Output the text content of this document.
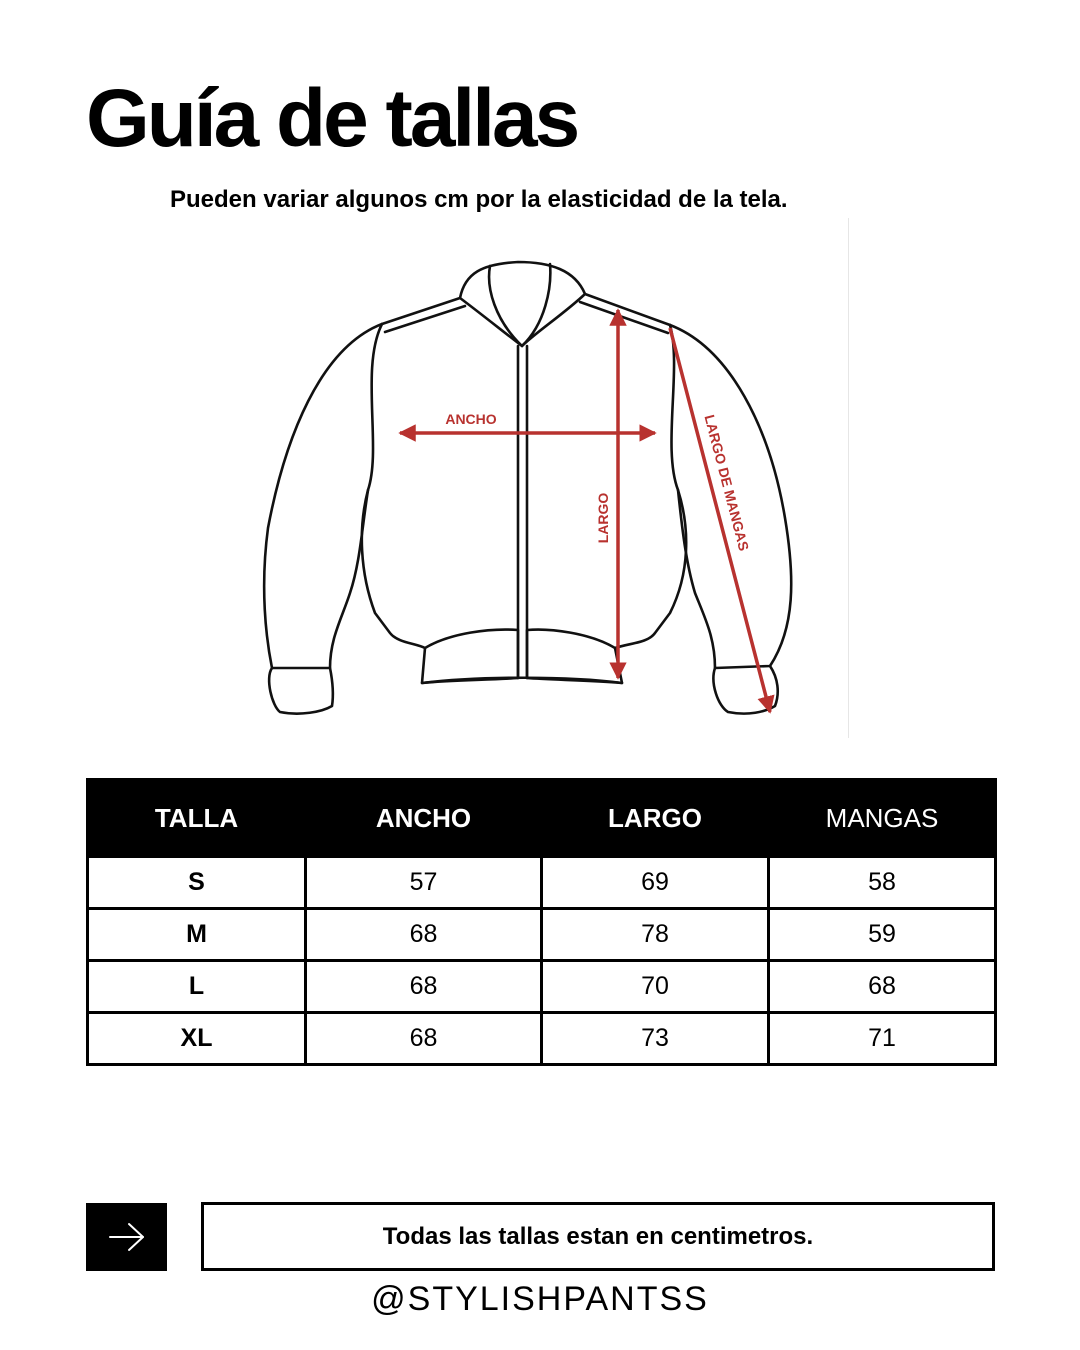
Guía de tallas
Pueden variar algunos cm por la elasticidad de la tela.
ANCHO
LARGO	LARGO DE MANGAS
TALLA	ANCHO	LARGO	MANGAS
S	57	69	58
M	68	78	59
L	68	70	68
XL	68	73	71
Todas las tallas estan en centimetros.
@STYLISHPANTSS
